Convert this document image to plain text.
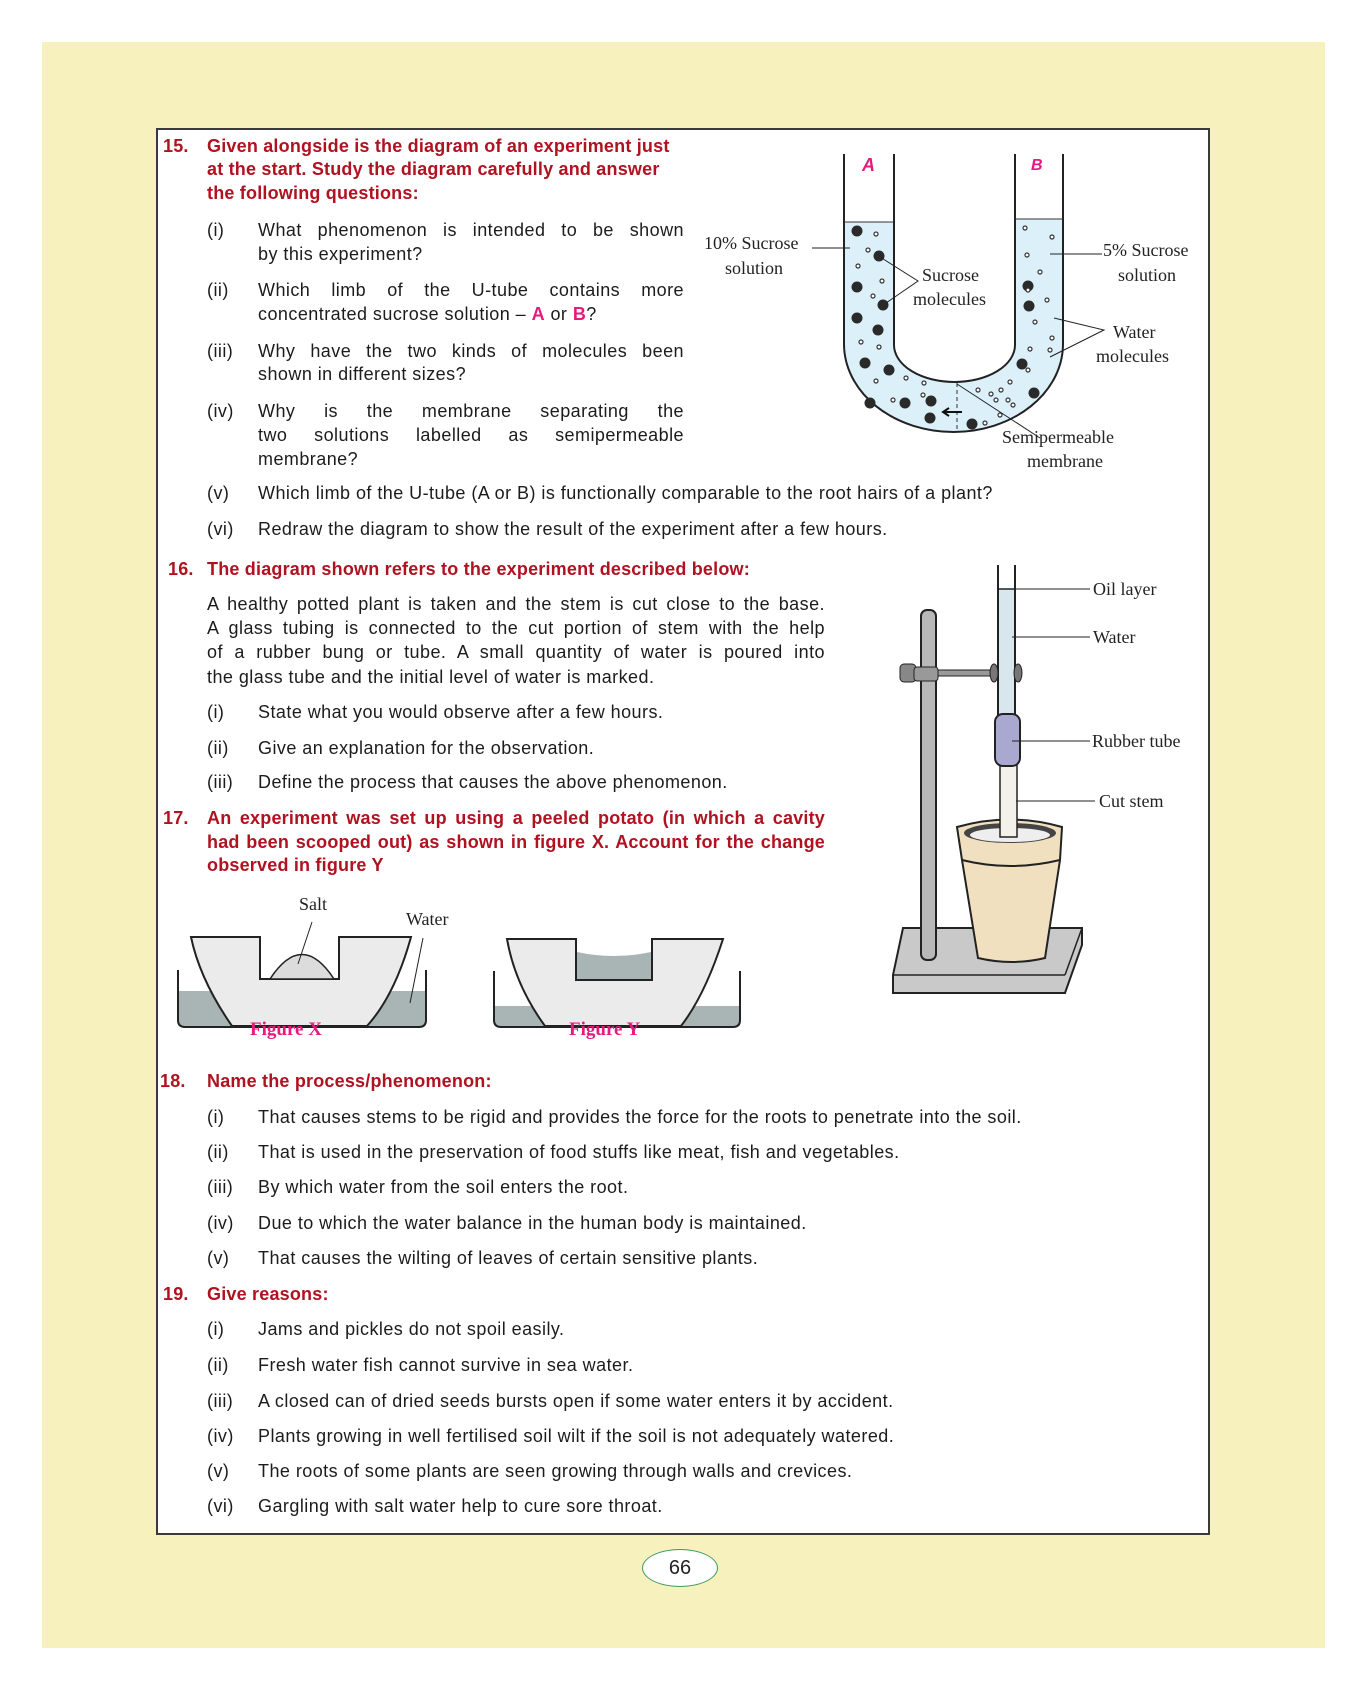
15. Given alongside is the diagram of an experiment just
at the start. Study the diagram carefully and answer
the following questions:
(i) What phenomenon is intended to be shown
by this experiment?
(ii) Which limb of the U-tube contains more
concentrated sucrose solution – A or B?
(iii) Why have the two kinds of molecules been
shown in different sizes?
(iv) Why is the membrane separating the
two solutions labelled as semipermeable
membrane?
(v) Which limb of the U-tube (A or B) is functionally comparable to the root hairs of a plant?
(vi) Redraw the diagram to show the result of the experiment after a few hours.
A	B
10% Sucrose
solution	Sucrose
molecules
5% Sucrose
solution
Water
molecules
Semipermeable
membrane
16. The diagram shown refers to the experiment described below:
A healthy potted plant is taken and the stem is cut close to the base.
A glass tubing is connected to the cut portion of stem with the help
of a rubber bung or tube. A small quantity of water is poured into
the glass tube and the initial level of water is marked.
(i) State what you would observe after a few hours.
(ii) Give an explanation for the observation.
(iii) Define the process that causes the above phenomenon.
Oil layer
Water
Rubber tube
Cut stem
17. An experiment was set up using a peeled potato (in which a cavity
had been scooped out) as shown in figure X. Account for the change
observed in figure Y
Salt
Water
Figure X	Figure Y
18. Name the process/phenomenon:
(i) That causes stems to be rigid and provides the force for the roots to penetrate into the soil.
(ii) That is used in the preservation of food stuffs like meat, fish and vegetables.
(iii) By which water from the soil enters the root.
(iv) Due to which the water balance in the human body is maintained.
(v) That causes the wilting of leaves of certain sensitive plants.
19. Give reasons:
(i) Jams and pickles do not spoil easily.
(ii) Fresh water fish cannot survive in sea water.
(iii) A closed can of dried seeds bursts open if some water enters it by accident.
(iv) Plants growing in well fertilised soil wilt if the soil is not adequately watered.
(v) The roots of some plants are seen growing through walls and crevices.
(vi) Gargling with salt water help to cure sore throat.
66
